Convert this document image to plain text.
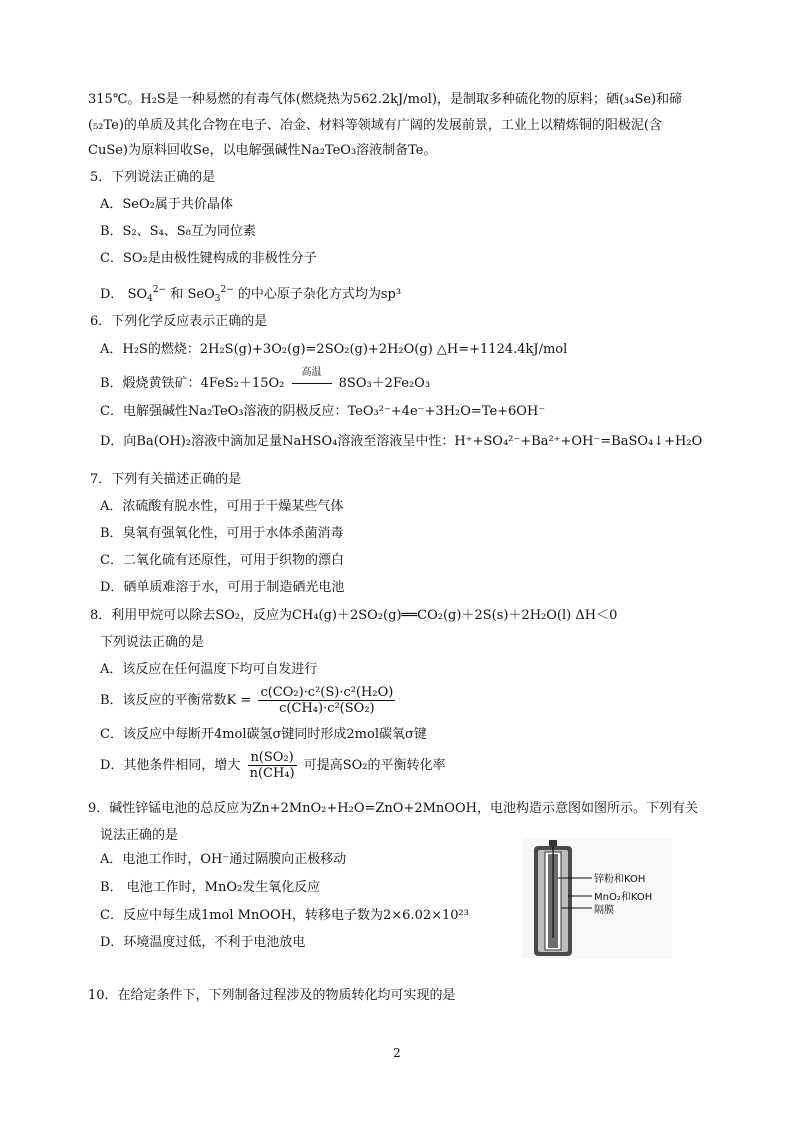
315℃。H₂S是一种易燃的有毒气体(燃烧热为562.2kJ/mol)，是制取多种硫化物的原料；硒(₃₄Se)和碲
(₅₂Te)的单质及其化合物在电子、冶金、材料等领域有广阔的发展前景，工业上以精炼铜的阳极泥(含
CuSe)为原料回收Se，以电解强碱性Na₂TeO₃溶液制备Te。
5．下列说法正确的是
A．SeO₂属于共价晶体
B．S₂、S₄、S₈互为同位素
C．SO₂是由极性键构成的非极性分子
D． $SO_4^{2-}$ 和 SeO$_3^{2-}$ 的中心原子杂化方式均为sp³
6．下列化学反应表示正确的是
A．H₂S的燃烧：2H₂S(g)+3O₂(g)=2SO₂(g)+2H₂O(g) △H=+1124.4kJ/mol
B．煅烧黄铁矿：4FeS₂＋15O₂
高温
8SO₃＋2Fe₂O₃
C．电解强碱性Na₂TeO₃溶液的阴极反应：TeO₃²⁻+4e⁻+3H₂O=Te+6OH⁻
D．向Ba(OH)₂溶液中滴加足量NaHSO₄溶液至溶液呈中性：H⁺+SO₄²⁻+Ba²⁺+OH⁻=BaSO₄↓+H₂O
7．下列有关描述正确的是
A．浓硫酸有脱水性，可用于干燥某些气体
B．臭氧有强氧化性，可用于水体杀菌消毒
C．二氧化硫有还原性，可用于织物的漂白
D．硒单质难溶于水，可用于制造硒光电池
8．利用甲烷可以除去SO₂，反应为CH₄(g)＋2SO₂(g)══CO₂(g)＋2S(s)＋2H₂O(l) ΔH＜0
下列说法正确的是
A．该反应在任何温度下均可自发进行
B．该反应的平衡常数$K = \frac{\text{c(CO₂)·c²(S)·c²(H₂O)}}{\text{c(CH₄)·c²(SO₂)}}$
C．该反应中每断开4mol碳氢σ键同时形成2mol碳氧σ键
D．其他条件相同，增大 $\frac{\text{n(SO₂)}}{\text{n(CH₄)}}$ 可提高SO₂的平衡转化率
9．碱性锌锰电池的总反应为Zn+2MnO₂+H₂O=ZnO+2MnOOH，电池构造示意图如图所示。下列有关
说法正确的是
A．电池工作时，OH⁻通过隔膜向正极移动
B． 电池工作时，MnO₂发生氧化反应
C．反应中每生成1mol MnOOH，转移电子数为2×6.02×10²³
D．环境温度过低，不利于电池放电
锌粉和KOH
MnO₂和KOH
隔膜
10．在给定条件下，下列制备过程涉及的物质转化均可实现的是
2
